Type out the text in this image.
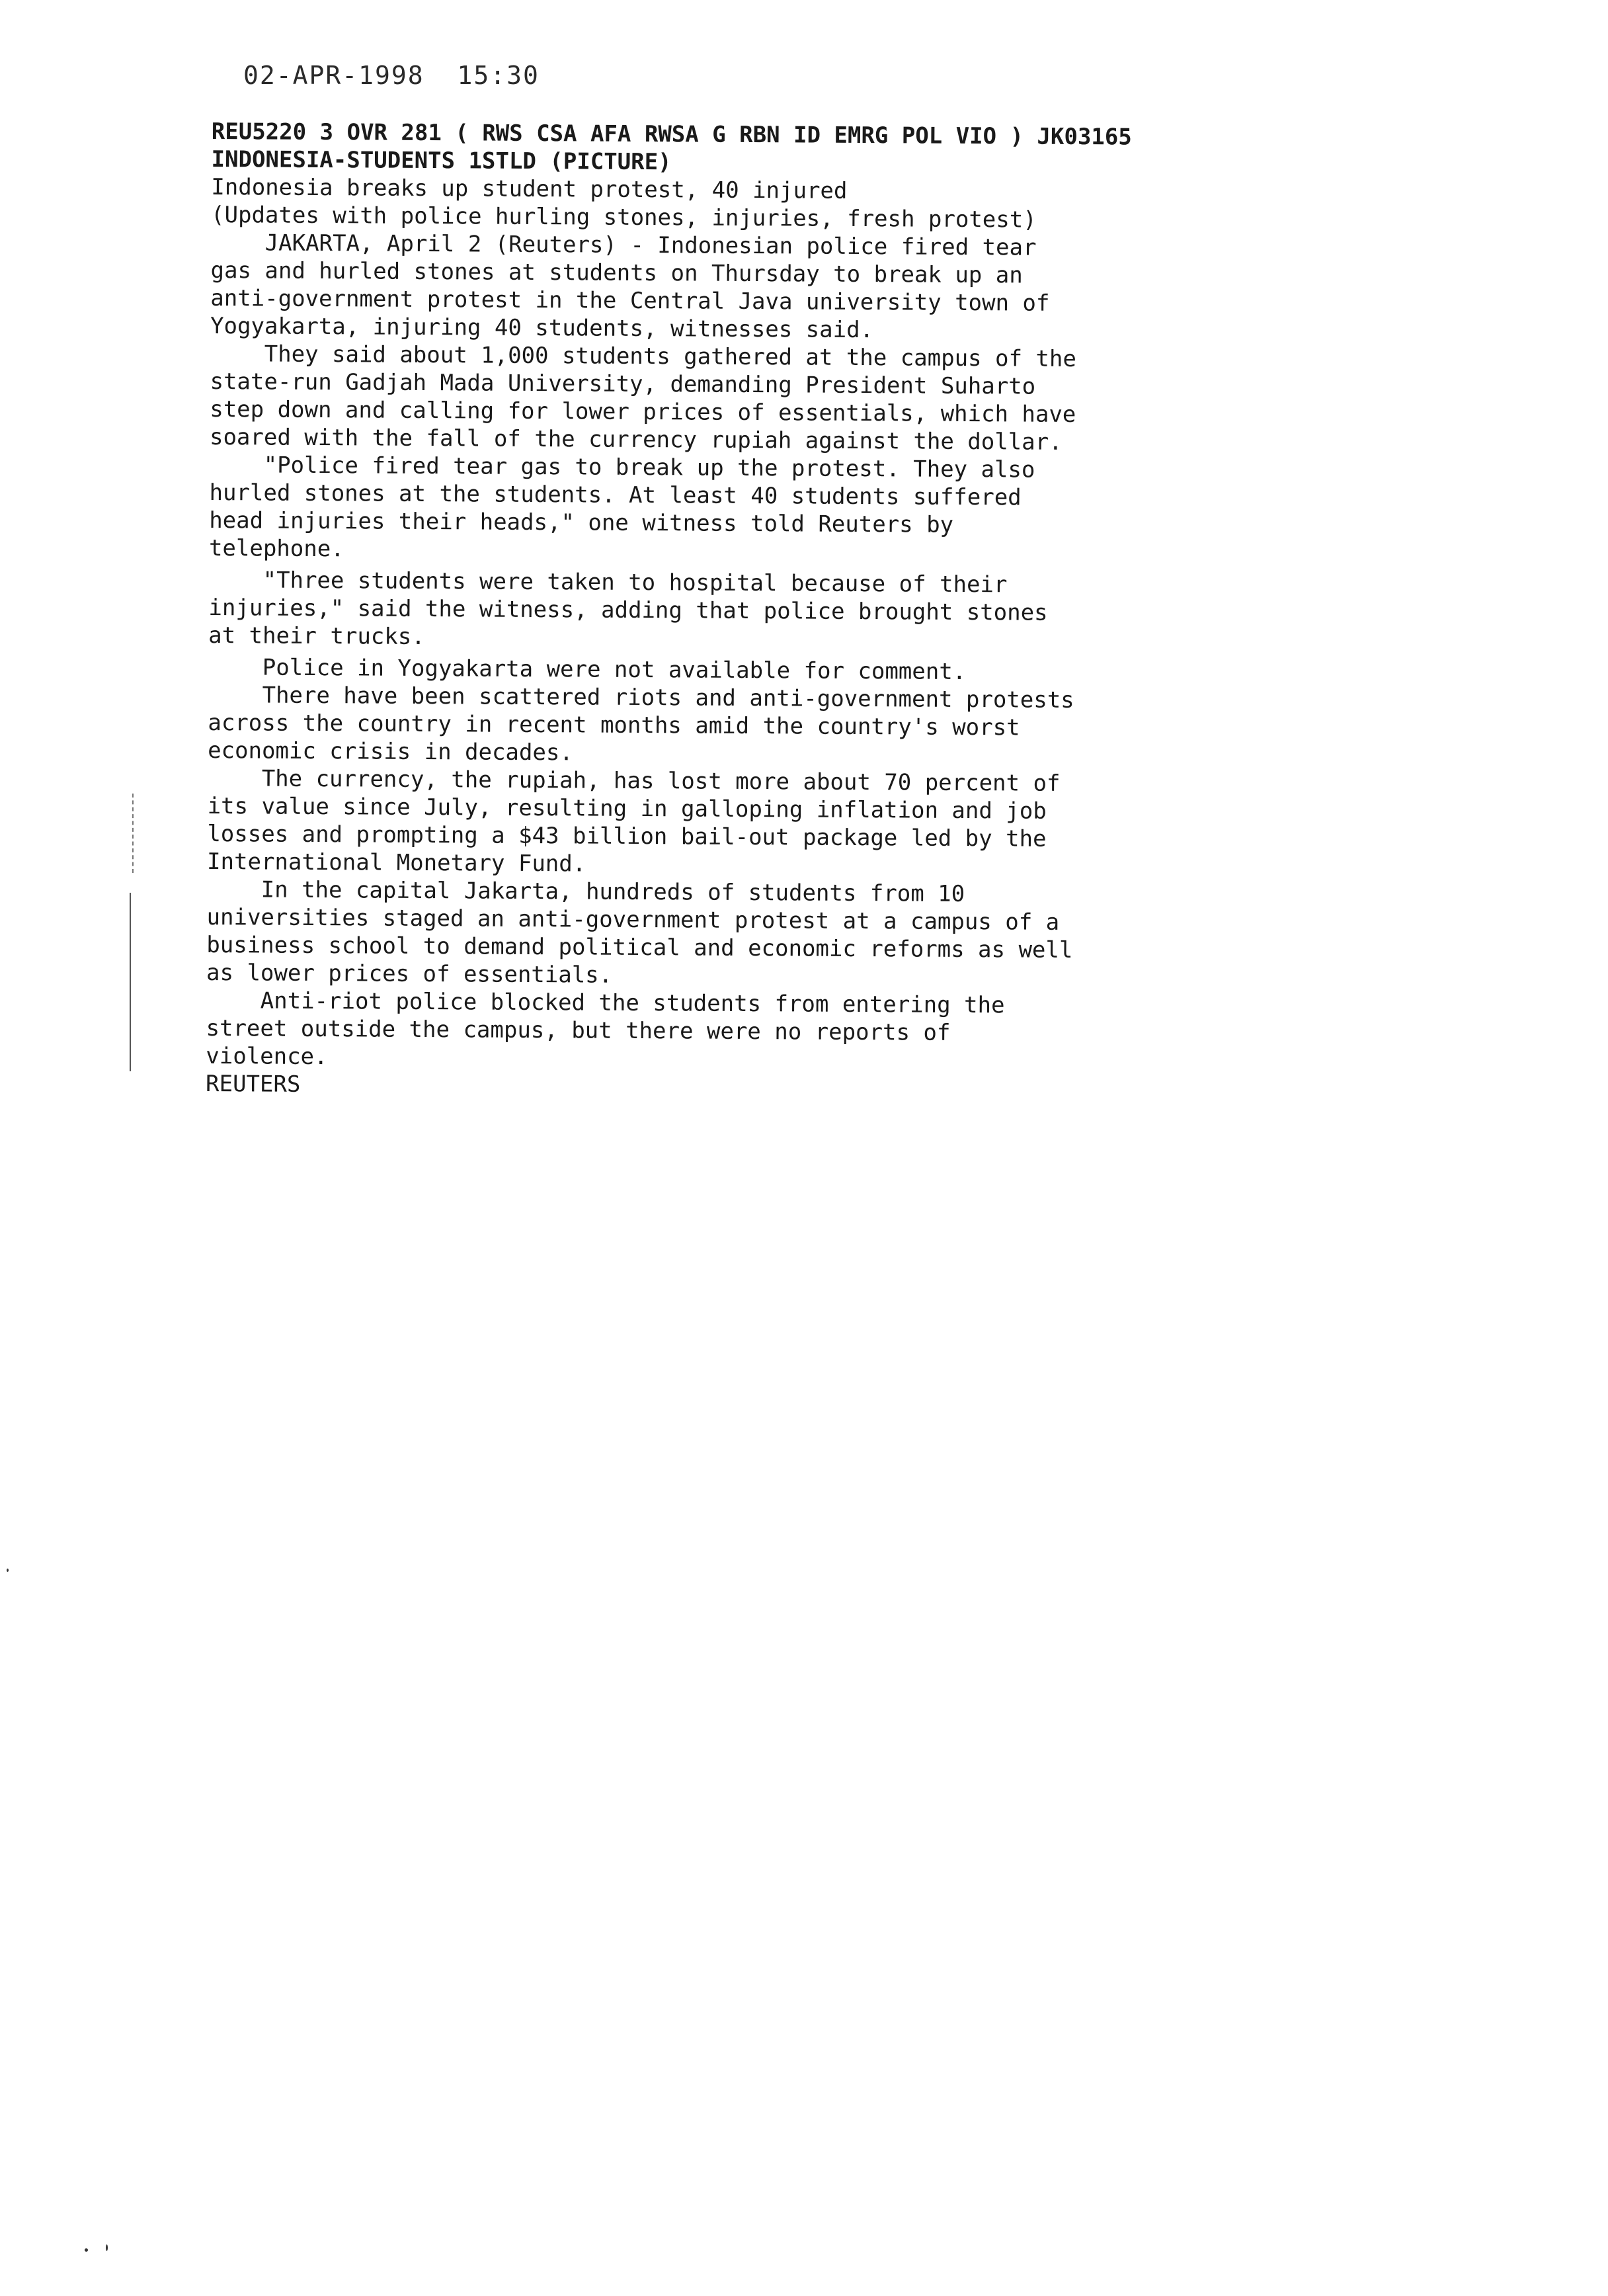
02-APR-1998 15:30
REU5220 3 OVR 281 ( RWS CSA AFA RWSA G RBN ID EMRG POL VIO ) JK03165
INDONESIA-STUDENTS 1STLD (PICTURE)
Indonesia breaks up student protest, 40 injured
(Updates with police hurling stones, injuries, fresh protest)
JAKARTA, April 2 (Reuters) - Indonesian police fired tear
gas and hurled stones at students on Thursday to break up an
anti-government protest in the Central Java university town of
Yogyakarta, injuring 40 students, witnesses said.
They said about 1,000 students gathered at the campus of the
state-run Gadjah Mada University, demanding President Suharto
step down and calling for lower prices of essentials, which have
soared with the fall of the currency rupiah against the dollar.
"Police fired tear gas to break up the protest. They also
hurled stones at the students. At least 40 students suffered
head injuries their heads," one witness told Reuters by
telephone.
"Three students were taken to hospital because of their
injuries," said the witness, adding that police brought stones
at their trucks.
Police in Yogyakarta were not available for comment.
There have been scattered riots and anti-government protests
across the country in recent months amid the country's worst
economic crisis in decades.
The currency, the rupiah, has lost more about 70 percent of
its value since July, resulting in galloping inflation and job
losses and prompting a $43 billion bail-out package led by the
International Monetary Fund.
In the capital Jakarta, hundreds of students from 10
universities staged an anti-government protest at a campus of a
business school to demand political and economic reforms as well
as lower prices of essentials.
Anti-riot police blocked the students from entering the
street outside the campus, but there were no reports of
violence.
REUTERS
